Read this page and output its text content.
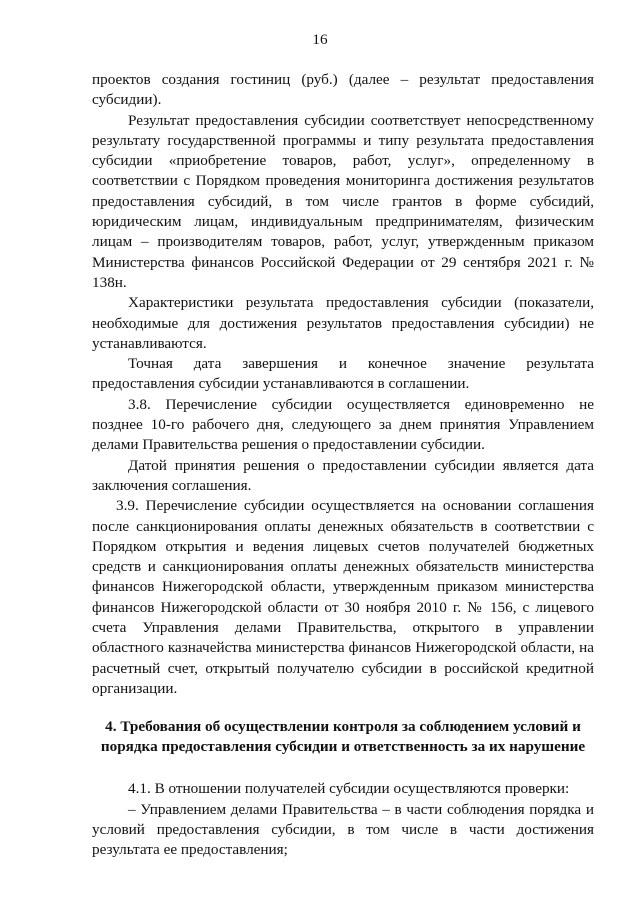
16

проектов создания гостиниц (руб.) (далее – результат предоставления субсидии).

Результат предоставления субсидии соответствует непосредственному результату государственной программы и типу результата предоставления субсидии «приобретение товаров, работ, услуг», определенному в соответствии с Порядком проведения мониторинга достижения результатов предоставления субсидий, в том числе грантов в форме субсидий, юридическим лицам, индивидуальным предпринимателям, физическим лицам – производителям товаров, работ, услуг, утвержденным приказом Министерства финансов Российской Федерации от 29 сентября 2021 г. № 138н.

Характеристики результата предоставления субсидии (показатели, необходимые для достижения результатов предоставления субсидии) не устанавливаются.

Точная дата завершения и конечное значение результата предоставления субсидии устанавливаются в соглашении.

3.8. Перечисление субсидии осуществляется единовременно не позднее 10-го рабочего дня, следующего за днем принятия Управлением делами Правительства решения о предоставлении субсидии.

Датой принятия решения о предоставлении субсидии является дата заключения соглашения.

3.9. Перечисление субсидии осуществляется на основании соглашения после санкционирования оплаты денежных обязательств в соответствии с Порядком открытия и ведения лицевых счетов получателей бюджетных средств и санкционирования оплаты денежных обязательств министерства финансов Нижегородской области, утвержденным приказом министерства финансов Нижегородской области от 30 ноября 2010 г. № 156, с лицевого счета Управления делами Правительства, открытого в управлении областного казначейства министерства финансов Нижегородской области, на расчетный счет, открытый получателю субсидии в российской кредитной организации.

4. Требования об осуществлении контроля за соблюдением условий и порядка предоставления субсидии и ответственность за их нарушение

4.1. В отношении получателей субсидии осуществляются проверки:

– Управлением делами Правительства – в части соблюдения порядка и условий предоставления субсидии, в том числе в части достижения результата ее предоставления;
